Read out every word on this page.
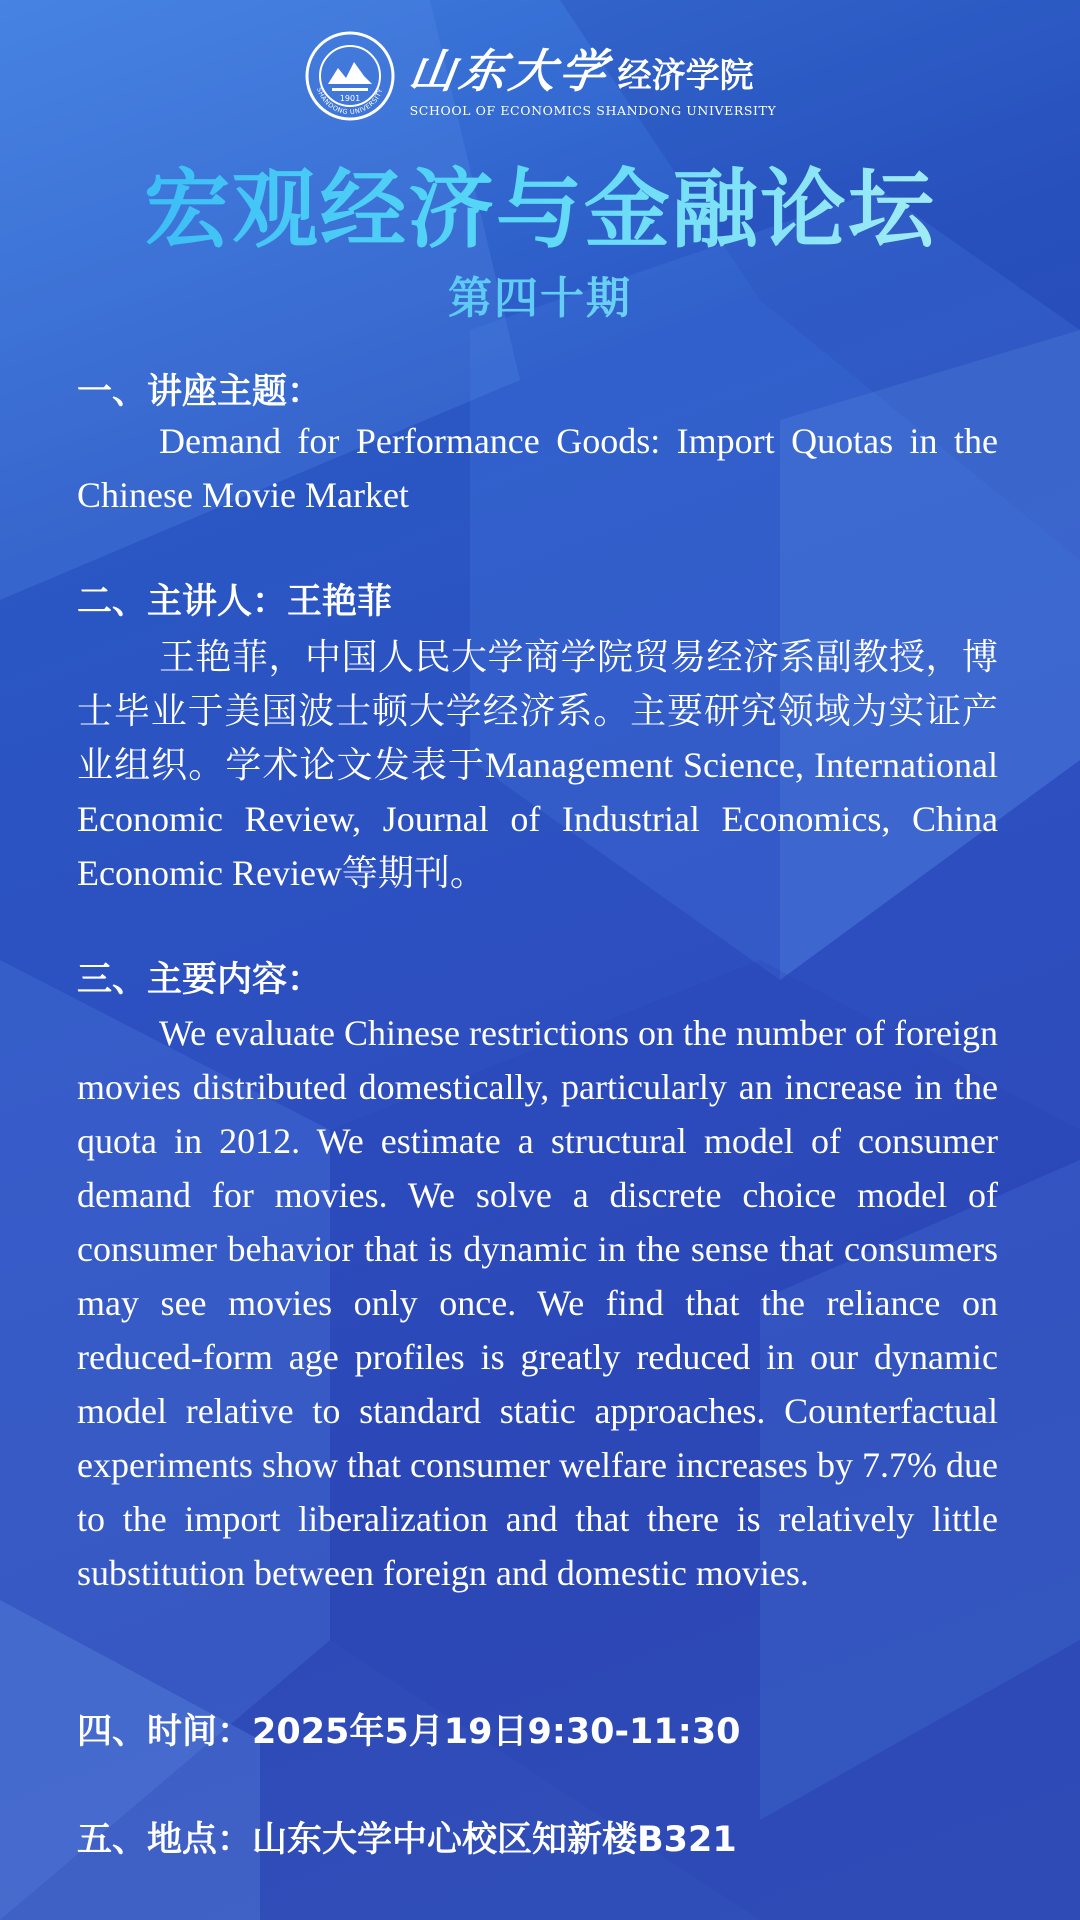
1901
SHANDONG UNIVERSITY 山东大学 经济学院
SCHOOL OF ECONOMICS SHANDONG UNIVERSITY
宏观经济与金融论坛
第四十期
一、讲座主题：
Demand for Performance Goods: Import Quotas in the Chinese Movie Market
二、主讲人：王艳菲
王艳菲，中国人民大学商学院贸易经济系副教授，博士毕业于美国波士顿大学经济系。主要研究领域为实证产业组织。学术论文发表于Management Science, International Economic Review, Journal of Industrial Economics, China Economic Review等期刊。
三、主要内容：
We evaluate Chinese restrictions on the number of foreign movies distributed domestically, particularly an increase in the quota in 2012. We estimate a structural model of consumer demand for movies. We solve a discrete choice model of consumer behavior that is dynamic in the sense that consumers may see movies only once. We find that the reliance on reduced-form age profiles is greatly reduced in our dynamic model relative to standard static approaches. Counterfactual experiments show that consumer welfare increases by 7.7% due to the import liberalization and that there is relatively little substitution between foreign and domestic movies.
四、时间：2025年5月19日9:30-11:30
五、地点：山东大学中心校区知新楼B321
